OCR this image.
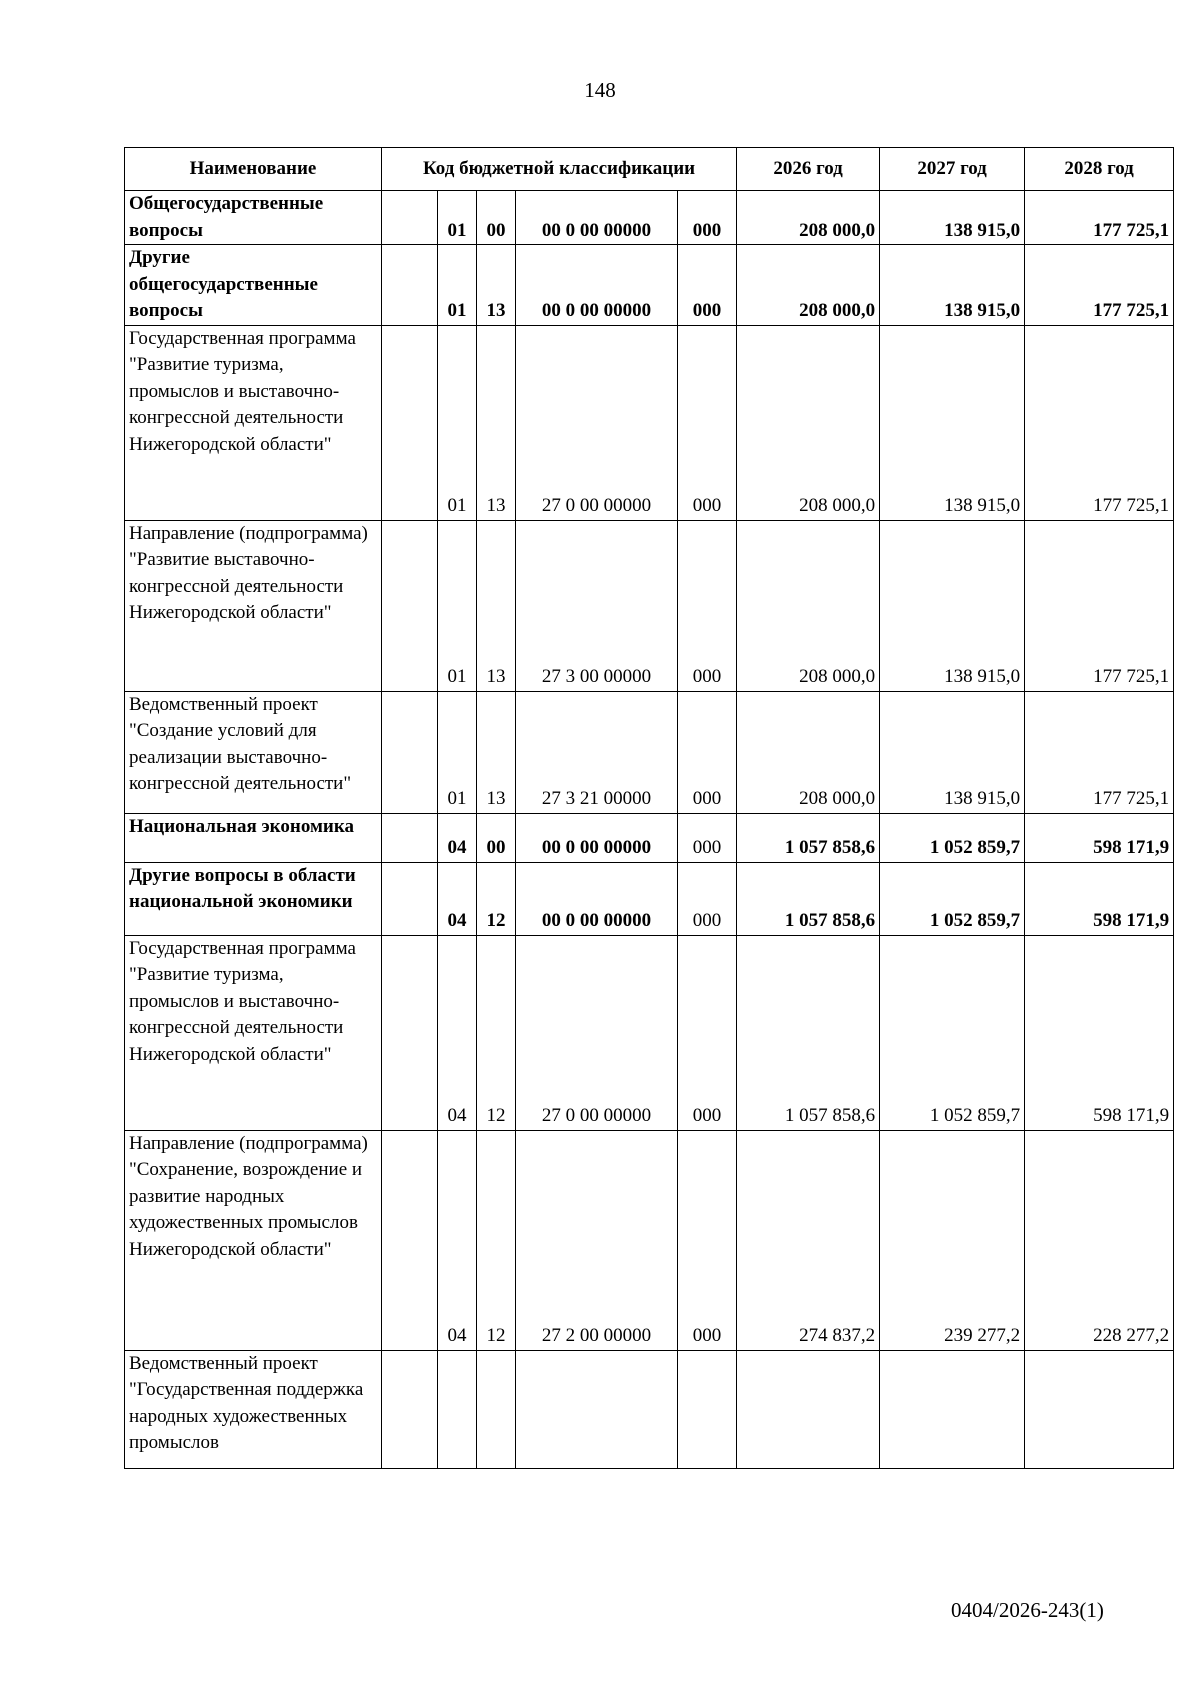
148
Наименование	Код бюджетной классификации					2026 год	2027 год	2028 год
Общегосударственные вопросы		01	00	00 0 00 00000	000	208 000,0	138 915,0	177 725,1
Другие общегосударственные вопросы		01	13	00 0 00 00000	000	208 000,0	138 915,0	177 725,1
Государственная программа "Развитие туризма, промыслов и выставочно-конгрессной деятельности Нижегородской области"		01	13	27 0 00 00000	000	208 000,0	138 915,0	177 725,1
Направление (подпрограмма) "Развитие выставочно-конгрессной деятельности Нижегородской области"		01	13	27 3 00 00000	000	208 000,0	138 915,0	177 725,1
Ведомственный проект "Создание условий для реализации выставочно-конгрессной деятельности"		01	13	27 3 21 00000	000	208 000,0	138 915,0	177 725,1
Национальная экономика		04	00	00 0 00 00000	000	1 057 858,6	1 052 859,7	598 171,9
Другие вопросы в области национальной экономики		04	12	00 0 00 00000	000	1 057 858,6	1 052 859,7	598 171,9
Государственная программа "Развитие туризма, промыслов и выставочно-конгрессной деятельности Нижегородской области"		04	12	27 0 00 00000	000	1 057 858,6	1 052 859,7	598 171,9
Направление (подпрограмма) "Сохранение, возрождение и развитие народных художественных промыслов Нижегородской области"		04	12	27 2 00 00000	000	274 837,2	239 277,2	228 277,2
Ведомственный проект "Государственная поддержка народных художественных промыслов								
0404/2026-243(1)
